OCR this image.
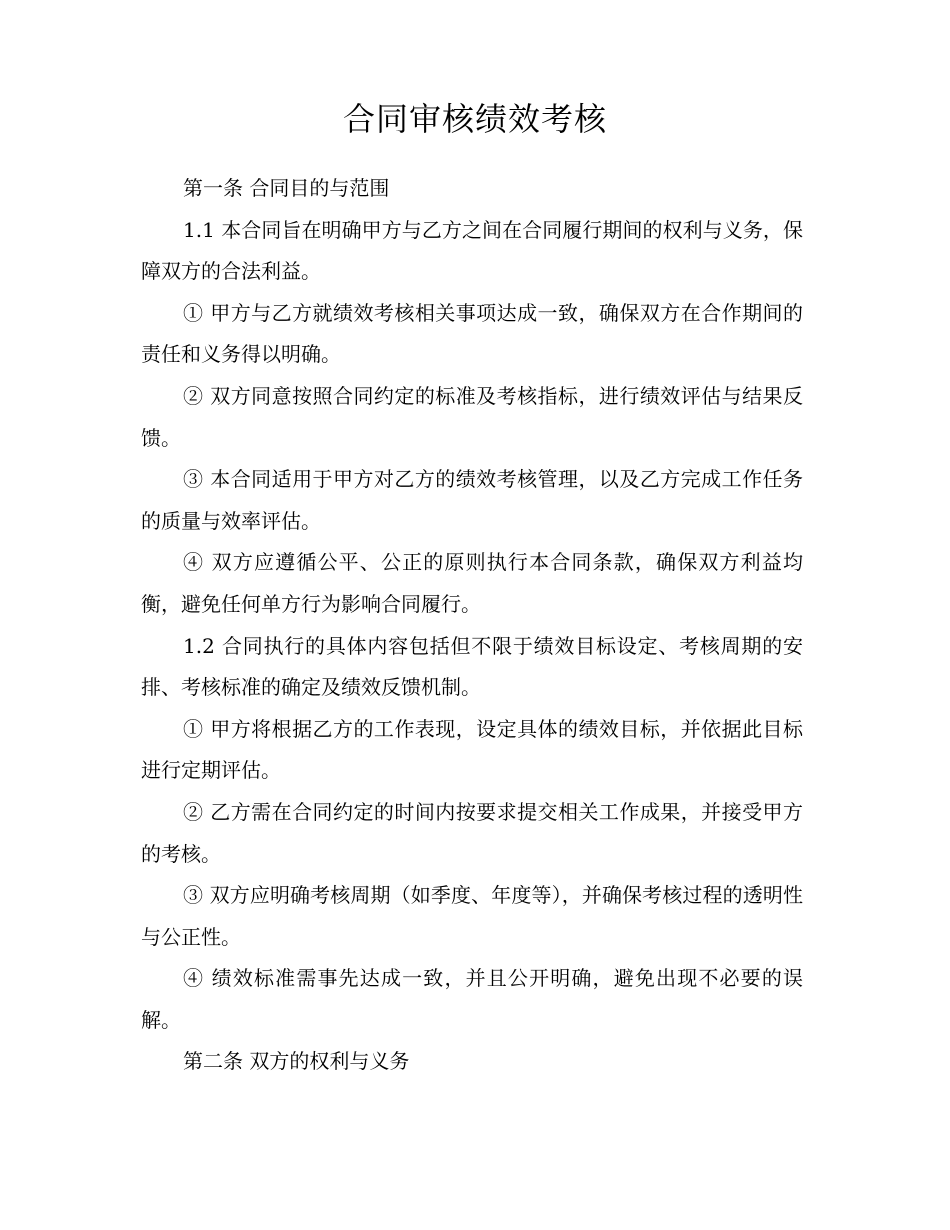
合同审核绩效考核

第一条 合同目的与范围

1.1 本合同旨在明确甲方与乙方之间在合同履行期间的权利与义务，保障双方的合法利益。

① 甲方与乙方就绩效考核相关事项达成一致，确保双方在合作期间的责任和义务得以明确。

② 双方同意按照合同约定的标准及考核指标，进行绩效评估与结果反馈。

③ 本合同适用于甲方对乙方的绩效考核管理，以及乙方完成工作任务的质量与效率评估。

④ 双方应遵循公平、公正的原则执行本合同条款，确保双方利益均衡，避免任何单方行为影响合同履行。

1.2 合同执行的具体内容包括但不限于绩效目标设定、考核周期的安排、考核标准的确定及绩效反馈机制。

① 甲方将根据乙方的工作表现，设定具体的绩效目标，并依据此目标进行定期评估。

② 乙方需在合同约定的时间内按要求提交相关工作成果，并接受甲方的考核。

③ 双方应明确考核周期（如季度、年度等），并确保考核过程的透明性与公正性。

④ 绩效标准需事先达成一致，并且公开明确，避免出现不必要的误解。

第二条 双方的权利与义务
